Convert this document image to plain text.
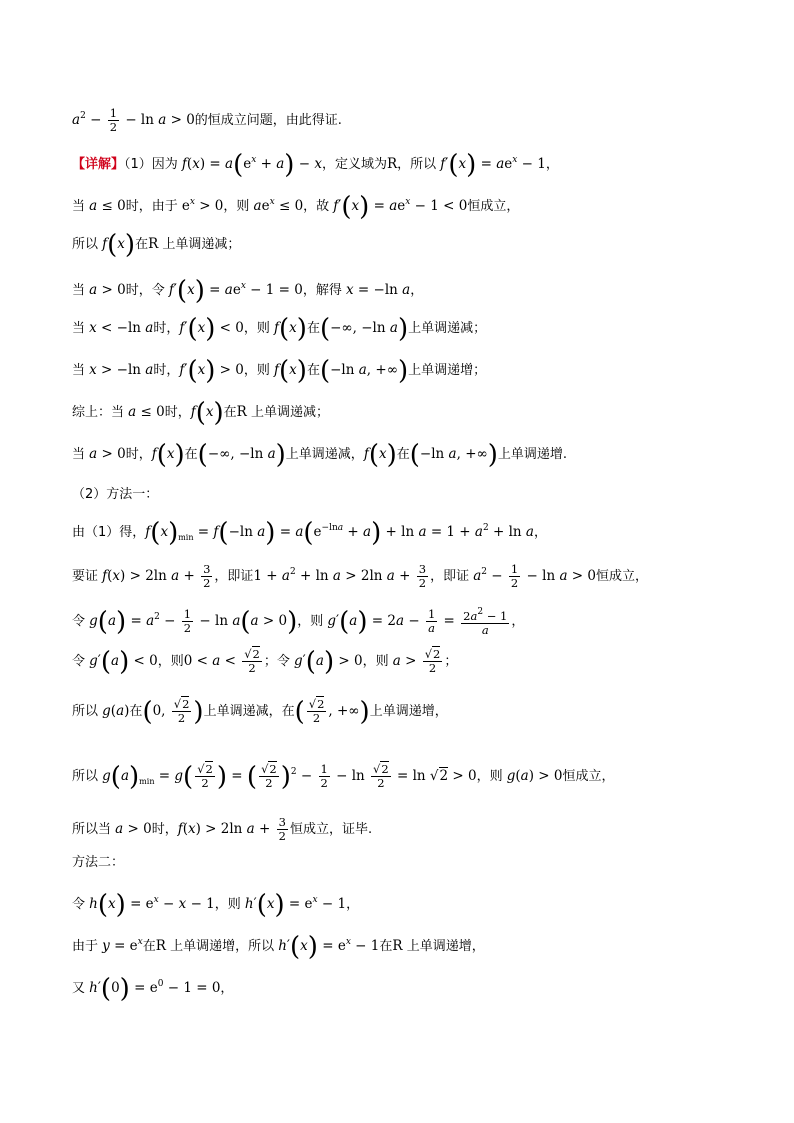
$a^2 - \frac{1}{2} - \ln a > 0$的恒成立问题，由此得证.
【详解】（1）因为 $f(x) = a(e^x + a) - x$，定义域为R，所以 $f'(x) = ae^x - 1$，
当 a ≤ 0时，由于 $e^x > 0$，则 $ae^x \le 0$，故 $f'(x) = ae^x - 1 < 0$恒成立，
所以 f(x)在R 上单调递减；
当 a > 0时，令 $f'(x) = ae^x - 1 = 0$，解得 x = −ln a，
当 x < −ln a时，f′(x) < 0，则 f(x)在(−∞, −ln a)上单调递减；
当 x > −ln a时，f′(x) > 0，则 f(x)在(−ln a, +∞)上单调递增；
综上：当 a ≤ 0时，f(x)在R 上单调递减；
当 a > 0时，f(x)在(−∞, −ln a)上单调递减，f(x)在(−ln a, +∞)上单调递增.
（2）方法一：
由（1）得，$f(x)_{min} = f(-\ln$ $a) = a(e^{-lna} + a) + \ln a = 1 + a^2 + \ln a$，
要证 f(x) > 2ln $a + \frac{3}{2}$ ，即证$1 + a^2 + \ln a > 2\ln$ $a + \frac{3}{2}$ ，即证 $a^2 - \frac{1}{2} - \ln a > 0$恒成立，
令 $g(a) = a^2 - \frac{1}{2} - \ln a(a > 0)$，则 $g'(a) = 2a - \frac{1}{a} = \frac{2a^2 - 1}{a}$ ，
令 g′(a) < 0，则$0 < a < \frac{√2}{2}$ ；令 g′(a) > 0，则 $a > \frac{√2}{2}$ ；
所以 g(a)在(0, $\frac{√2}{2}$ )上单调递减，在( $\frac{√2}{2}$ , +∞)上单调递增，
所以 $g(a)_{min} = g( \frac{√2}{2}$ ) = ( $\frac{√2}{2} )^2 - \frac{1}{2} - \ln \frac{√2}{2} = \ln √2 > 0$，则 g(a) > 0恒成立，
所以当 a > 0时，f(x) > 2ln $a + \frac{3}{2}$ 恒成立，证毕.
方法二：
令 $h(x) = e^x - x - 1$，则 $h'(x) = e^x - 1$，
由于 $y = e^x$在R 上单调递增，所以 $h'(x) = e^x - 1$在R 上单调递增，
又 $h'(0) = e^0 - 1 = 0$，
